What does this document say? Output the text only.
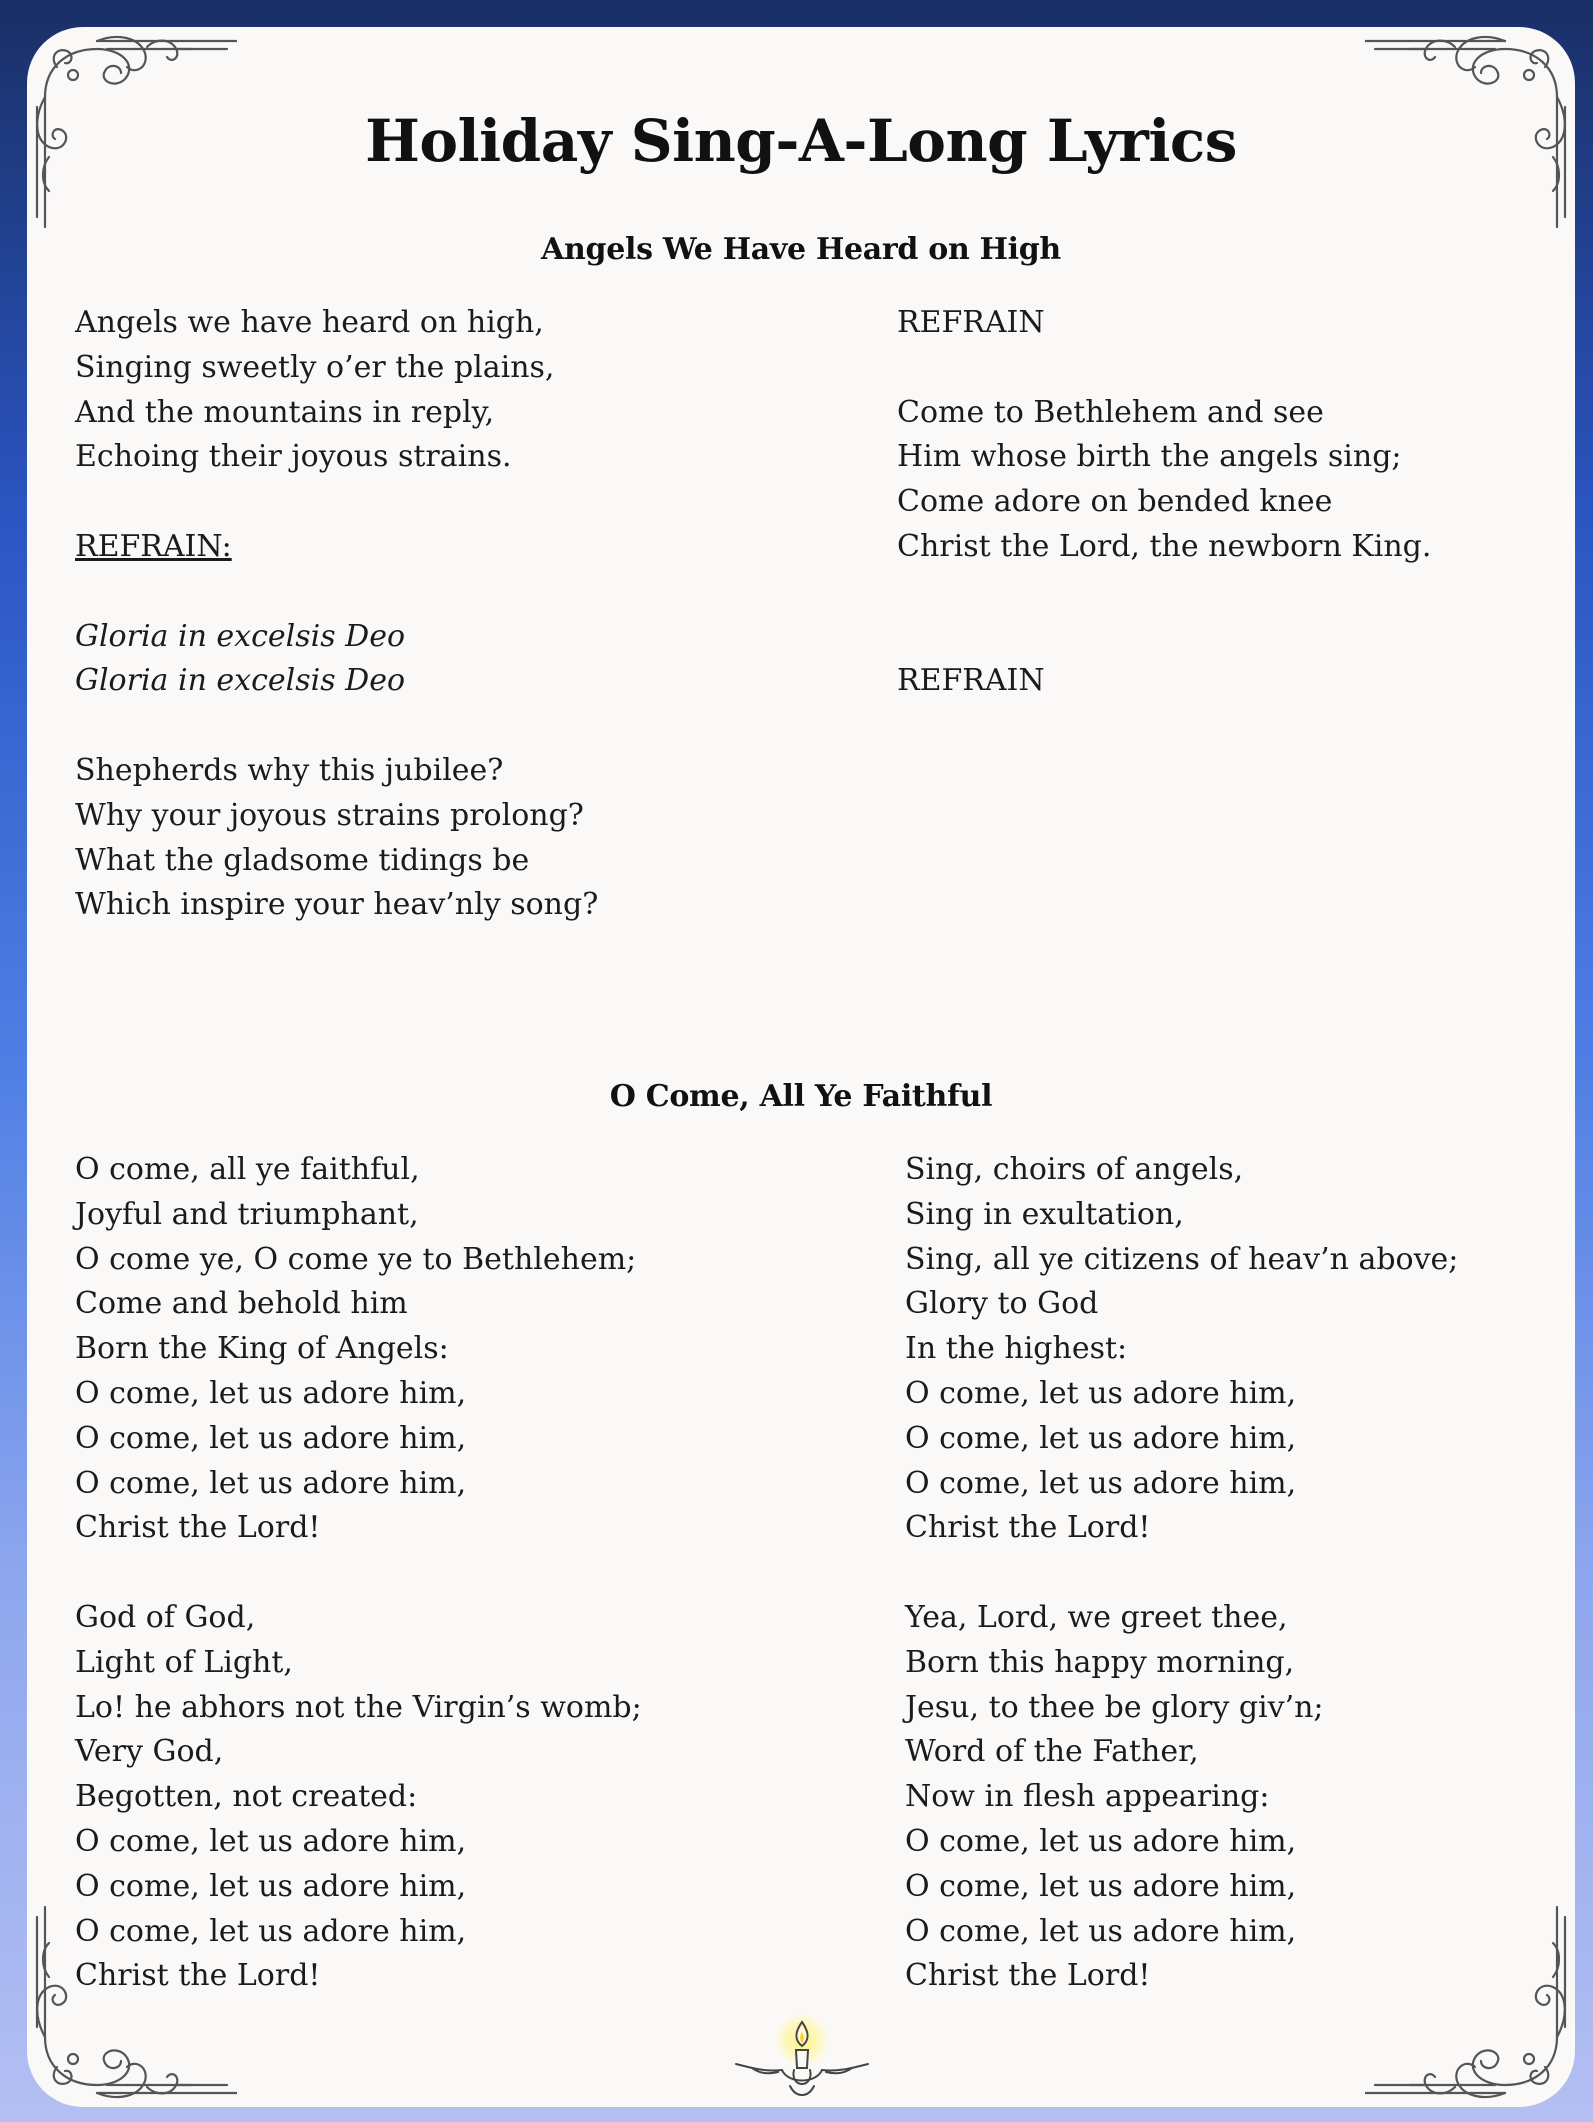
Holiday Sing-A-Long Lyrics
Angels We Have Heard on High
Angels we have heard on high,
Singing sweetly o’er the plains,
And the mountains in reply,
Echoing their joyous strains.
REFRAIN:
Gloria in excelsis Deo
Gloria in excelsis Deo
Shepherds why this jubilee?
Why your joyous strains prolong?
What the gladsome tidings be
Which inspire your heav’nly song?
REFRAIN
Come to Bethlehem and see
Him whose birth the angels sing;
Come adore on bended knee
Christ the Lord, the newborn King.
REFRAIN
O Come, All Ye Faithful
O come, all ye faithful,
Joyful and triumphant,
O come ye, O come ye to Bethlehem;
Come and behold him
Born the King of Angels:
O come, let us adore him,
O come, let us adore him,
O come, let us adore him,
Christ the Lord!
God of God,
Light of Light,
Lo! he abhors not the Virgin’s womb;
Very God,
Begotten, not created:
O come, let us adore him,
O come, let us adore him,
O come, let us adore him,
Christ the Lord!
Sing, choirs of angels,
Sing in exultation,
Sing, all ye citizens of heav’n above;
Glory to God
In the highest:
O come, let us adore him,
O come, let us adore him,
O come, let us adore him,
Christ the Lord!
Yea, Lord, we greet thee,
Born this happy morning,
Jesu, to thee be glory giv’n;
Word of the Father,
Now in flesh appearing:
O come, let us adore him,
O come, let us adore him,
O come, let us adore him,
Christ the Lord!
